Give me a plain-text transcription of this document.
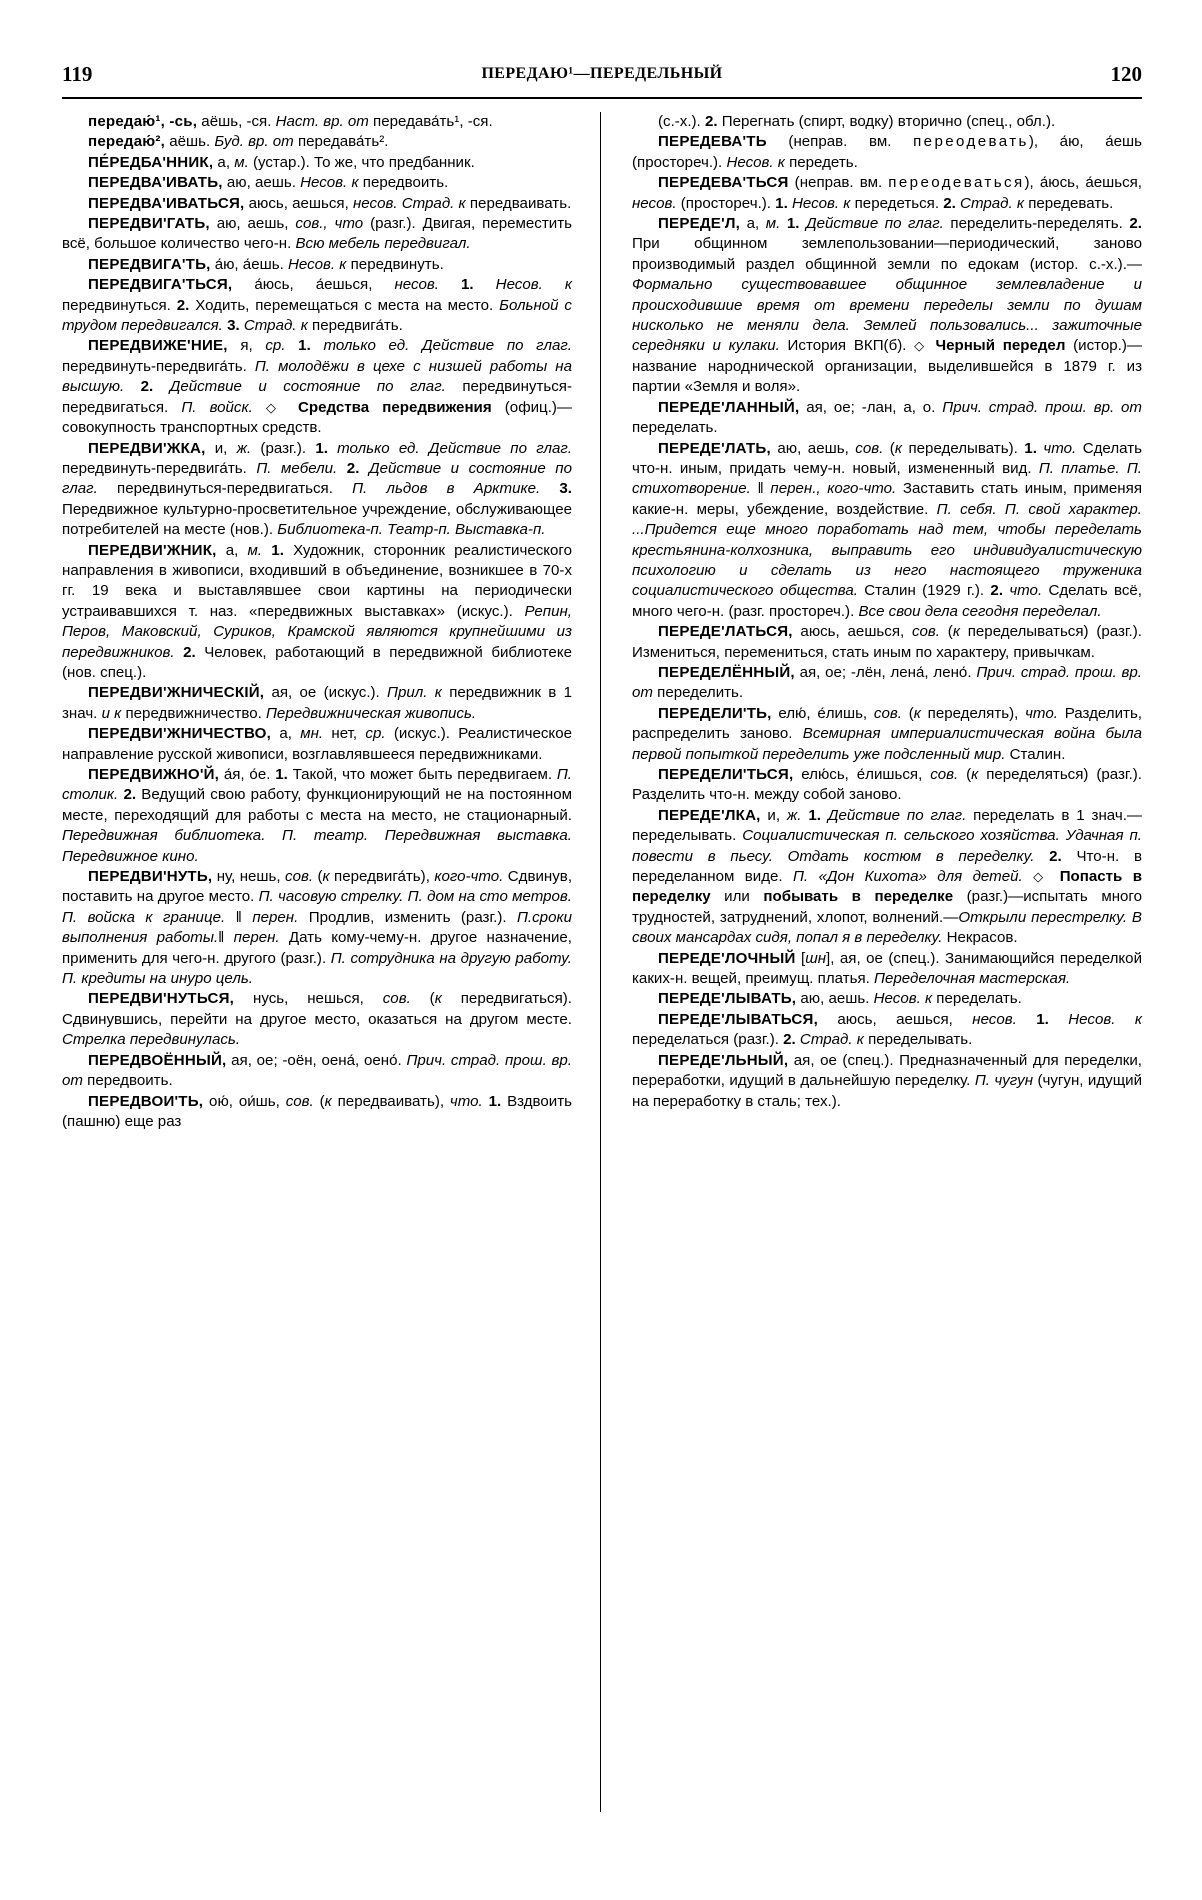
119	ПЕРЕДАЮ¹—ПЕРЕДЕЛЬНЫЙ	120

передаю́¹, -сь, аёшь, -ся. Наст. вр. от передава́ть¹, -ся.

передаю́², аёшь. Буд. вр. от передава́ть².

ПЕ́РЕДБА'ННИК, а, м. (устар.). То же, что предбанник.

ПЕРЕДВА'ИВАТЬ, аю, аешь. Несов. к передвоить.

ПЕРЕДВА'ИВАТЬСЯ, аюсь, аешься, несов. Страд. к передваивать.

ПЕРЕДВИ'ГАТЬ, аю, аешь, сов., что (разг.). Двигая, переместить всё, большое количество чего-н. Всю мебель передвигал.

ПЕРЕДВИГА'ТЬ, а́ю, а́ешь. Несов. к передвинуть.

ПЕРЕДВИГА'ТЬСЯ, а́юсь, а́ешься, несов. 1. Несов. к передвинуться. 2. Ходить, перемещаться с места на место. Больной с трудом передвигался. 3. Страд. к передвига́ть.

ПЕРЕДВИЖЕ'НИЕ, я, ср. 1. только ед. Действие по глаг. передвинуть-передвига́ть. П. молодёжи в цехе с низшей работы на высшую. 2. Действие и состояние по глаг. передвинуться-передвигаться. П. войск. ◇ Средства передвижения (офиц.)—совокупность транспортных средств.

ПЕРЕДВИ'ЖКА, и, ж. (разг.). 1. только ед. Действие по глаг. передвинуть-передвига́ть. П. мебели. 2. Действие и состояние по глаг. передвинуться-передвигаться. П. льдов в Арктике. 3. Передвижное культурно-просветительное учреждение, обслуживающее потребителей на месте (нов.). Библиотека-п. Театр-п. Выставка-п.

ПЕРЕДВИ'ЖНИК, а, м. 1. Художник, сторонник реалистического направления в живописи, входивший в объединение, возникшее в 70-х гг. 19 века и выставлявшее свои картины на периодически устраивавшихся т. наз. «передвижных выставках» (искус.). Репин, Перов, Маковский, Суриков, Крамской являются крупнейшими из передвижников. 2. Человек, работающий в передвижной библиотеке (нов. спец.).

ПЕРЕДВИ'ЖНИЧЕСКІЙ, ая, ое (искус.). Прил. к передвижник в 1 знач. и к передвижничество. Передвижническая живопись.

ПЕРЕДВИ'ЖНИЧЕСТВО, а, мн. нет, ср. (искус.). Реалистическое направление русской живописи, возглавлявшееся передвижниками.

ПЕРЕДВИЖНО'Й, а́я, о́е. 1. Такой, что может быть передвигаем. П. столик. 2. Ведущий свою работу, функционирующий не на постоянном месте, переходящий для работы с места на место, не стационарный. Передвижная библиотека. П. театр. Передвижная выставка. Передвижное кино.

ПЕРЕДВИ'НУТЬ, ну, нешь, сов. (к передвига́ть), кого-что. Сдвинув, поставить на другое место. П. часовую стрелку. П. дом на сто метров. П. войска к границе. ‖ перен. Продлив, изменить (разг.). П.сроки выполнения работы.‖ перен. Дать кому-чему-н. другое назначение, применить для чего-н. другого (разг.). П. сотрудника на другую работу. П. кредиты на инуро цель.

ПЕРЕДВИ'НУТЬСЯ, нусь, нешься, сов. (к передвигаться). Сдвинувшись, перейти на другое место, оказаться на другом месте. Стрелка передвинулась.

ПЕРЕДВОЁННЫЙ, ая, ое; -оён, оена́, оено́. Прич. страд. прош. вр. от передвоить.

ПЕРЕДВОИ'ТЬ, ою́, ои́шь, сов. (к передваивать), что. 1. Вздвоить (пашню) еще раз

(с.-х.). 2. Перегнать (спирт, водку) вторично (спец., обл.).

ПЕРЕДЕВА'ТЬ (неправ. вм. переодевать), а́ю, а́ешь (простореч.). Несов. к передеть.

ПЕРЕДЕВА'ТЬСЯ (неправ. вм. переодеваться), а́юсь, а́ешься, несов. (простореч.). 1. Несов. к передеться. 2. Страд. к передевать.

ПЕРЕДЕ'Л, а, м. 1. Действие по глаг. переделить-переделять. 2. При общинном землепользовании—периодический, заново производимый раздел общинной земли по едокам (истор. с.-х.).—Формально существовавшее общинное землевладение и происходившие время от времени переделы земли по душам нисколько не меняли дела. Землей пользовались... зажиточные середняки и кулаки. История ВКП(б). ◇ Черный передел (истор.)—название народнической организации, выделившейся в 1879 г. из партии «Земля и воля».

ПЕРЕДЕ'ЛАННЫЙ, ая, ое; -лан, а, о. Прич. страд. прош. вр. от переделать.

ПЕРЕДЕ'ЛАТЬ, аю, аешь, сов. (к переделывать). 1. что. Сделать что-н. иным, придать чему-н. новый, измененный вид. П. платье. П. стихотворение. ‖ перен., кого-что. Заставить стать иным, применяя какие-н. меры, убеждение, воздействие. П. себя. П. свой характер. ...Придется еще много поработать над тем, чтобы переделать крестьянина-колхозника, выправить его индивидуалистическую психологию и сделать из него настоящего труженика социалистического общества. Сталин (1929 г.). 2. что. Сделать всё, много чего-н. (разг. простореч.). Все свои дела сегодня переделал.

ПЕРЕДЕ'ЛАТЬСЯ, аюсь, аешься, сов. (к переделываться) (разг.). Измениться, перемениться, стать иным по характеру, привычкам.

ПЕРЕДЕЛЁННЫЙ, ая, ое; -лён, лена́, лено́. Прич. страд. прош. вр. от переделить.

ПЕРЕДЕЛИ'ТЬ, елю́, е́лишь, сов. (к переделять), что. Разделить, распределить заново. Всемирная империалистическая война была первой попыткой переделить уже подсленный мир. Сталин.

ПЕРЕДЕЛИ'ТЬСЯ, елю́сь, е́лишься, сов. (к переделяться) (разг.). Разделить что-н. между собой заново.

ПЕРЕДЕ'ЛКА, и, ж. 1. Действие по глаг. переделать в 1 знач.—переделывать. Социалистическая п. сельского хозяйства. Удачная п. повести в пьесу. Отдать костюм в переделку. 2. Что-н. в переделанном виде. П. «Дон Кихота» для детей. ◇ Попасть в переделку или побывать в переделке (разг.)—испытать много трудностей, затруднений, хлопот, волнений.—Открыли перестрелку. В своих мансардах сидя, попал я в переделку. Некрасов.

ПЕРЕДЕ'ЛОЧНЫЙ [шн], ая, ое (спец.). Занимающийся переделкой каких-н. вещей, преимущ. платья. Переделочная мастерская.

ПЕРЕДЕ'ЛЫВАТЬ, аю, аешь. Несов. к переделать.

ПЕРЕДЕ'ЛЫВАТЬСЯ, аюсь, аешься, несов. 1. Несов. к переделаться (разг.). 2. Страд. к переделывать.

ПЕРЕДЕ'ЛЬНЫЙ, ая, ое (спец.). Предназначенный для переделки, переработки, идущий в дальнейшую переделку. П. чугун (чугун, идущий на переработку в сталь; тех.).
